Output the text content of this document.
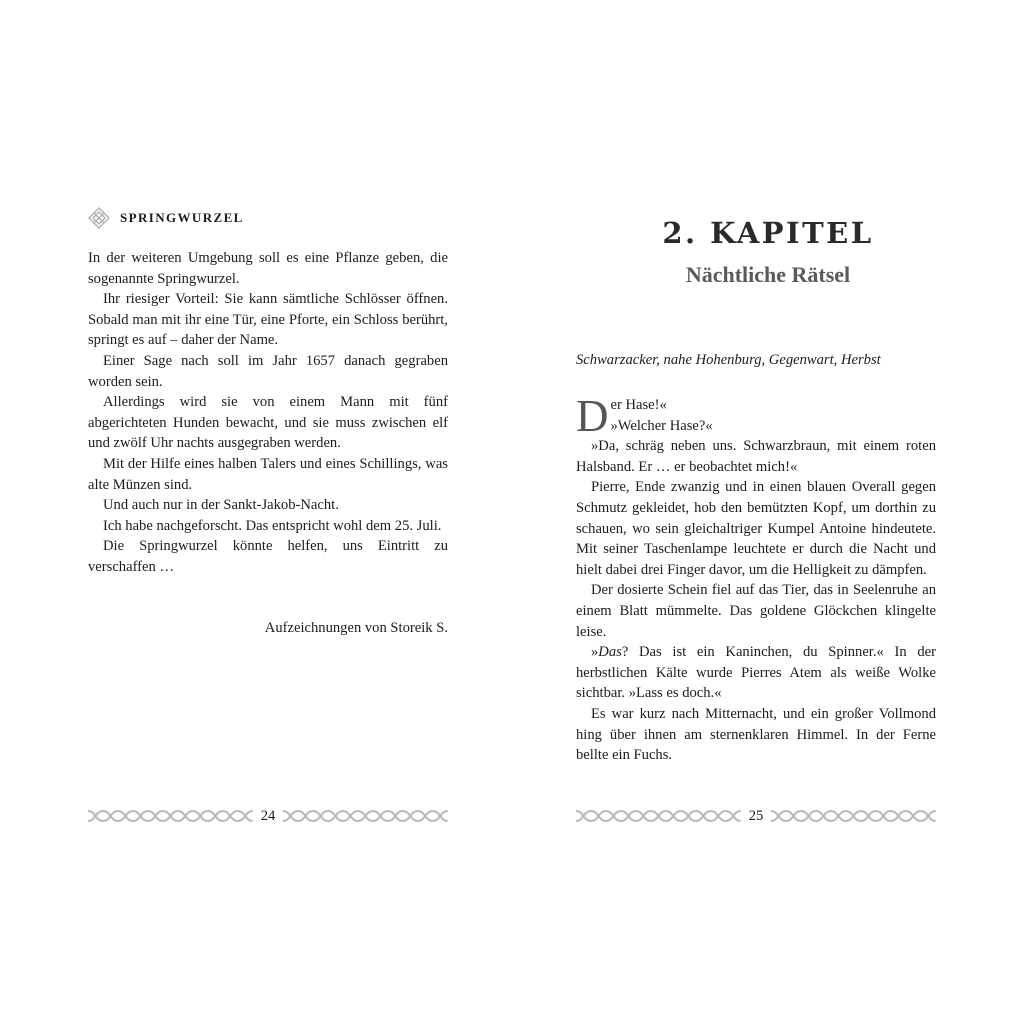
SPRINGWURZEL

In der weiteren Umgebung soll es eine Pflanze geben, die sogenannte Springwurzel.

Ihr riesiger Vorteil: Sie kann sämtliche Schlösser öffnen. Sobald man mit ihr eine Tür, eine Pforte, ein Schloss berührt, springt es auf – daher der Name.

Einer Sage nach soll im Jahr 1657 danach gegraben worden sein.

Allerdings wird sie von einem Mann mit fünf abgerichteten Hunden bewacht, und sie muss zwischen elf und zwölf Uhr nachts ausgegraben werden.

Mit der Hilfe eines halben Talers und eines Schillings, was alte Münzen sind.

Und auch nur in der Sankt-Jakob-Nacht.

Ich habe nachgeforscht. Das entspricht wohl dem 25. Juli.

Die Springwurzel könnte helfen, uns Eintritt zu verschaffen …

Aufzeichnungen von Storeik S.
24
2. KAPITEL
Nächtliche Rätsel
Schwarzacker, nahe Hohenburg, Gegenwart, Herbst

Der Hase!«

»Welcher Hase?«

»Da, schräg neben uns. Schwarzbraun, mit einem roten Halsband. Er … er beobachtet mich!«

Pierre, Ende zwanzig und in einen blauen Overall gegen Schmutz gekleidet, hob den bemützten Kopf, um dorthin zu schauen, wo sein gleichaltriger Kumpel Antoine hindeutete. Mit seiner Taschenlampe leuchtete er durch die Nacht und hielt dabei drei Finger davor, um die Helligkeit zu dämpfen.

Der dosierte Schein fiel auf das Tier, das in Seelenruhe an einem Blatt mümmelte. Das goldene Glöckchen klingelte leise.

»Das? Das ist ein Kaninchen, du Spinner.« In der herbstlichen Kälte wurde Pierres Atem als weiße Wolke sichtbar. »Lass es doch.«

Es war kurz nach Mitternacht, und ein großer Vollmond hing über ihnen am sternenklaren Himmel. In der Ferne bellte ein Fuchs.

25
